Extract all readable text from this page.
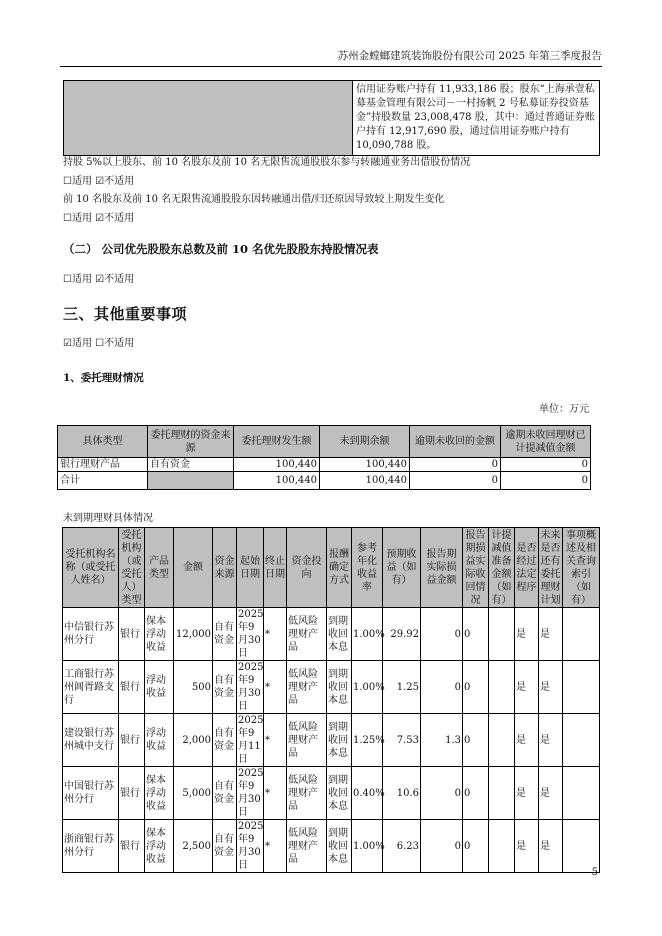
苏州金螳螂建筑装饰股份有限公司 2025 年第三季度报告
	信用证券账户持有 11,933,186 股；股东“上海承壹私募基金管理有限公司－一村扬帆 2 号私募证券投资基金”持股数量 23,008,478 股，其中：通过普通证券账户持有 12,917,690 股，通过信用证券账户持有 10,090,788 股。
持股 5%以上股东、前 10 名股东及前 10 名无限售流通股股东参与转融通业务出借股份情况
☐适用 ☑不适用
前 10 名股东及前 10 名无限售流通股股东因转融通出借/归还原因导致较上期发生变化
☐适用 ☑不适用
（二） 公司优先股股东总数及前 10 名优先股股东持股情况表
☐适用 ☑不适用
三、其他重要事项
☑适用 ☐不适用
1、委托理财情况
单位：万元
具体类型	委托理财的资金来源	委托理财发生额	未到期余额	逾期未收回的金额	逾期未收回理财已计提减值金额
银行理财产品	自有资金	100,440	100,440	0	0
合计		100,440	100,440	0	0
未到期理财具体情况
受托机构名称（或受托人姓名）	受托机构（或受托人）类型	产品类型	金额	资金来源	起始日期	终止日期	资金投向	报酬确定方式	参考年化收益率	预期收益（如有）	报告期实际损益金额	报告期损益实际收回情况	计提减值准备金额（如有）	是否经过法定程序	未来是否还有委托理财计划	事项概述及相关查询索引（如有）
中信银行苏州分行	银行	保本浮动收益	12,000	自有资金	2025年9月30日	*	低风险理财产品	到期收回本息	1.00%	29.92	0	0		是	是	
工商银行苏州阊胥路支行	银行	浮动收益	500	自有资金	2025年9月30日	*	低风险理财产品	到期收回本息	1.00%	1.25	0	0		是	是	
建设银行苏州城中支行	银行	浮动收益	2,000	自有资金	2025年9月11日	*	低风险理财产品	到期收回本息	1.25%	7.53	1.3	0		是	是	
中国银行苏州分行	银行	保本浮动收益	5,000	自有资金	2025年9月30日	*	低风险理财产品	到期收回本息	0.40%	10.6	0	0		是	是	
浙商银行苏州分行	银行	保本浮动收益	2,500	自有资金	2025年9月30日	*	低风险理财产品	到期收回本息	1.00%	6.23	0	0		是	是	
5
